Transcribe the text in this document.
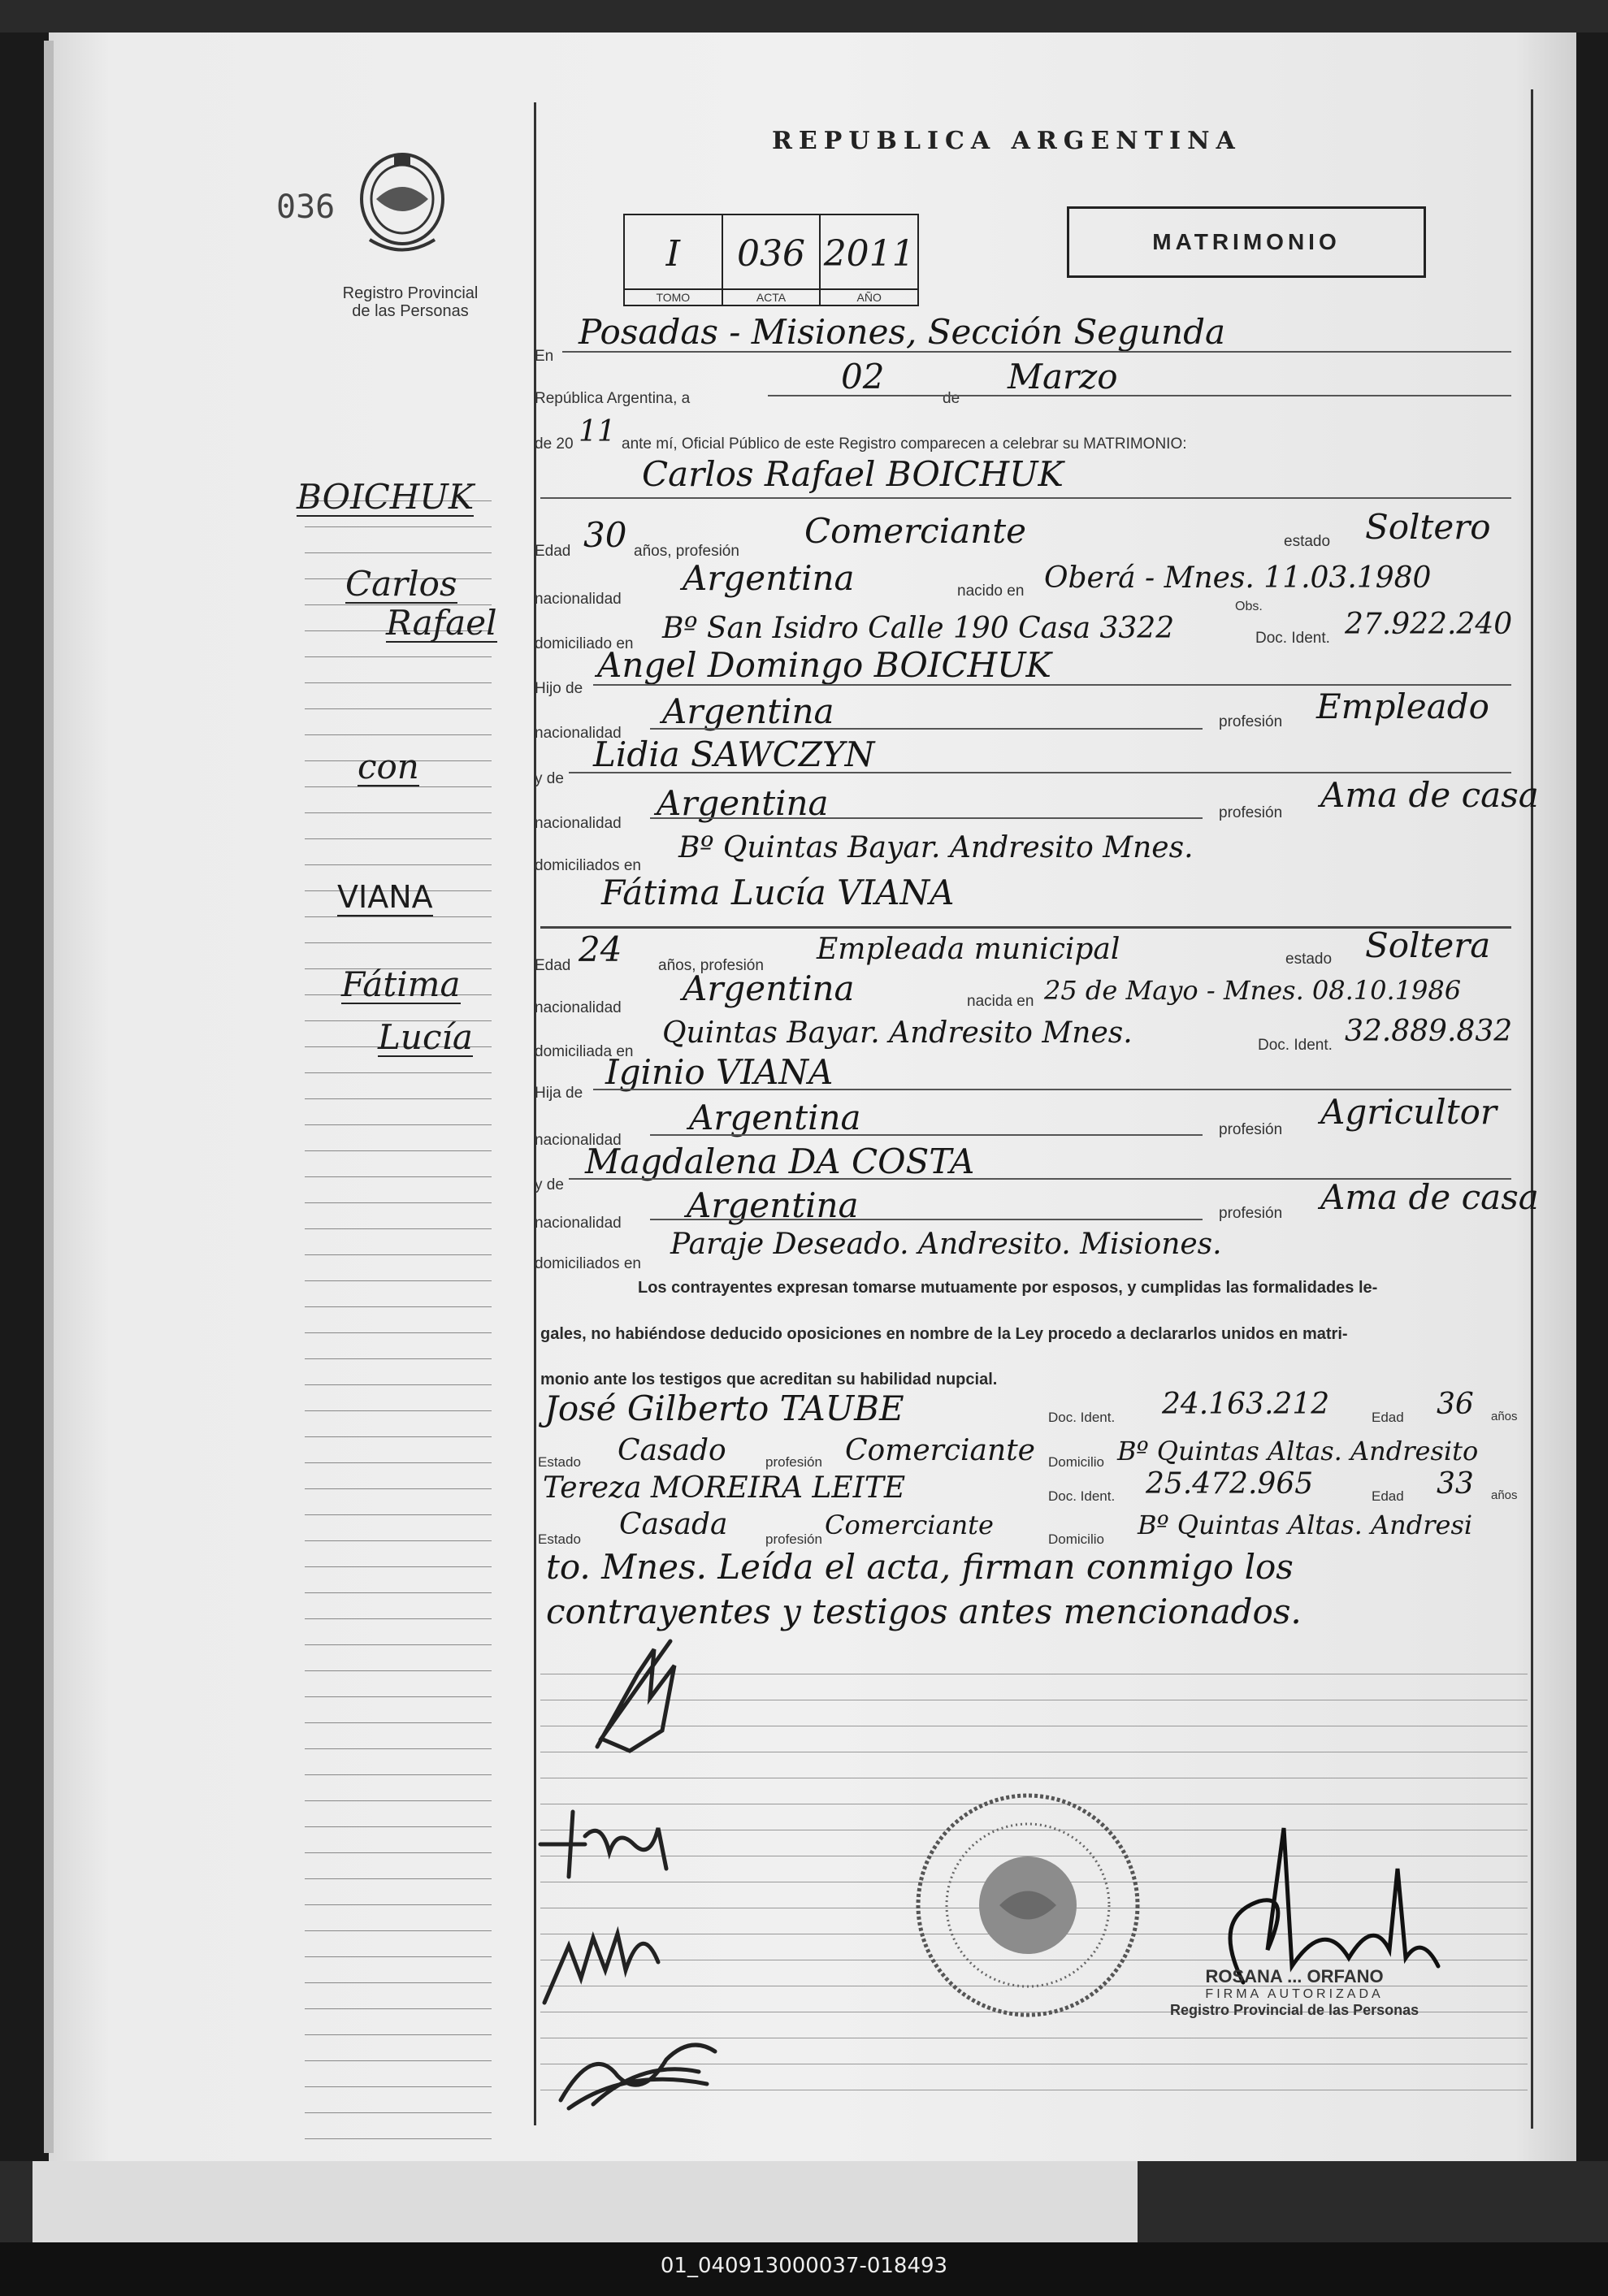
01_040913000037-018493
036
Registro Provincial
de las Personas
BOICHUK
Carlos
Rafael
con
VIANA
Fátima
Lucía
REPUBLICA ARGENTINA
I
TOMO
036
ACTA
2011
AÑO
MATRIMONIO
En
Posadas - Misiones, Sección Segunda
República Argentina, a
02
de
Marzo
de 20 11 ante mí, Oficial Público de este Registro comparecen a celebrar su MATRIMONIO:
Carlos Rafael BOICHUK
Edad 30 años, profesión
Comerciante	estado Soltero
nacionalidad
Argentina	nacido en Oberá - Mnes. 11.03.1980
domiciliado en Bº San Isidro Calle 190 Casa 3322
Obs.
Doc. Ident. 27.922.240
Hijo de
Angel Domingo BOICHUK
nacionalidad
Argentina	profesión Empleado
y de
Lidia SAWCZYN
nacionalidad
Argentina	profesión Ama de casa
domiciliados en
Bº Quintas Bayar. Andresito Mnes.
Fátima Lucía VIANA
Edad 24 años, profesión Empleada municipal	estado Soltera
nacionalidad Argentina	nacida en 25 de Mayo - Mnes. 08.10.1986
domiciliada en
Quintas Bayar. Andresito Mnes.	Doc. Ident. 32.889.832
Hija de
Iginio VIANA
nacionalidad
Argentina	profesión Agricultor
y de
Magdalena DA COSTA
nacionalidad Argentina	profesión Ama de casa
domiciliados en
Paraje Deseado. Andresito. Misiones.
Los contrayentes expresan tomarse mutuamente por esposos, y cumplidas las formalidades le-
gales, no habiéndose deducido oposiciones en nombre de la Ley procedo a declararlos unidos en matri-
monio ante los testigos que acreditan su habilidad nupcial.
José Gilberto TAUBE	Doc. Ident. 24.163.212	Edad 36 años
Estado Casado	profesión Comerciante Domicilio Bº Quintas Altas. Andresito
Tereza MOREIRA LEITE	Doc. Ident. 25.472.965	Edad 33 años
Estado Casada	profesión Comerciante	Domicilio Bº Quintas Altas. Andresi
to. Mnes. Leída el acta, firman conmigo los
contrayentes y testigos antes mencionados.
ROSANA ... ORFANO
FIRMA AUTORIZADA
Registro Provincial de las Personas
